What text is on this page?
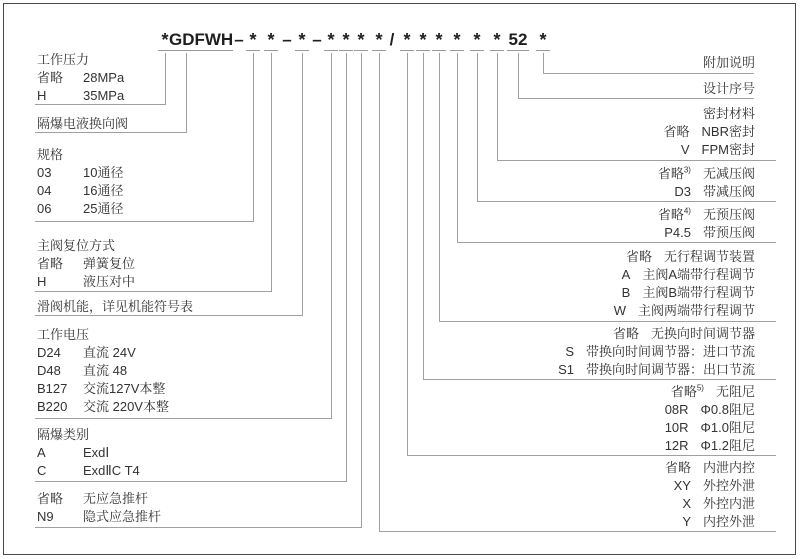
* GDFWH – * * – * – * * * * / * * * * * * 52 *
工作压力
省略	28MPa
H	35MPa
隔爆电液换向阀
规格
03	10通径
04	16通径
06	25通径
主阀复位方式
省略	弹簧复位
H	液压对中
滑阀机能，详见机能符号表
工作电压
D24	直流 24V
D48	直流 48
B127	交流127V本整
B220	交流 220V本整
隔爆类别
A	ExdⅠ
C	ExdⅡC T4
省略	无应急推杆
N9	隐式应急推杆
附加说明
设计序号
密封材料
省略 NBR密封
V FPM密封
省略$^{3)}$ 无减压阀
D3 带减压阀
省略$^{4)}$ 无预压阀
P4.5 带预压阀
省略 无行程调节装置
A 主阀A端带行程调节
B 主阀B端带行程调节
W 主阀两端带行程调节
省略 无换向时间调节器
S 带换向时间调节器：进口节流
S1 带换向时间调节器：出口节流
省略$^{5)}$ 无阻尼
08R Φ0.8阻尼
10R Φ1.0阻尼
12R Φ1.2阻尼
省略 内泄内控
XY 外控外泄
X 外控内泄
Y 内控外泄
